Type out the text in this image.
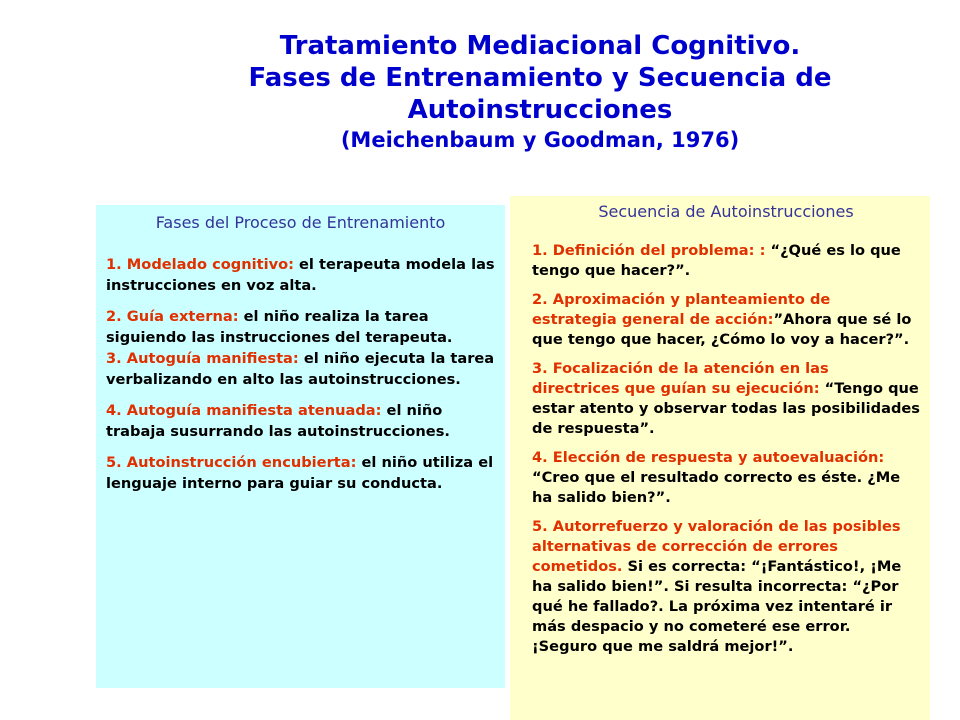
Tratamiento Mediacional Cognitivo.
Fases de Entrenamiento y Secuencia de
Autoinstrucciones
(Meichenbaum y Goodman, 1976)
Fases del Proceso de Entrenamiento
1. Modelado cognitivo: el terapeuta modela las instrucciones en voz alta.
2. Guía externa: el niño realiza la tarea siguiendo las instrucciones del terapeuta.
3. Autoguía manifiesta: el niño ejecuta la tarea verbalizando en alto las autoinstrucciones.
4. Autoguía manifiesta atenuada: el niño trabaja susurrando las autoinstrucciones.
5. Autoinstrucción encubierta: el niño utiliza el lenguaje interno para guiar su conducta.
Secuencia de Autoinstrucciones
1. Definición del problema: : “¿Qué es lo que tengo que hacer?”.
2. Aproximación y planteamiento de estrategia general de acción:”Ahora que sé lo que tengo que hacer, ¿Cómo lo voy a hacer?”.
3. Focalización de la atención en las directrices que guían su ejecución: “Tengo que estar atento y observar todas las posibilidades de respuesta”.
4. Elección de respuesta y autoevaluación: “Creo que el resultado correcto es éste. ¿Me ha salido bien?”.
5. Autorrefuerzo y valoración de las posibles alternativas de corrección de errores cometidos. Si es correcta: “¡Fantástico!, ¡Me ha salido bien!”. Si resulta incorrecta: “¿Por qué he fallado?. La próxima vez intentaré ir más despacio y no cometeré ese error. ¡Seguro que me saldrá mejor!”.
